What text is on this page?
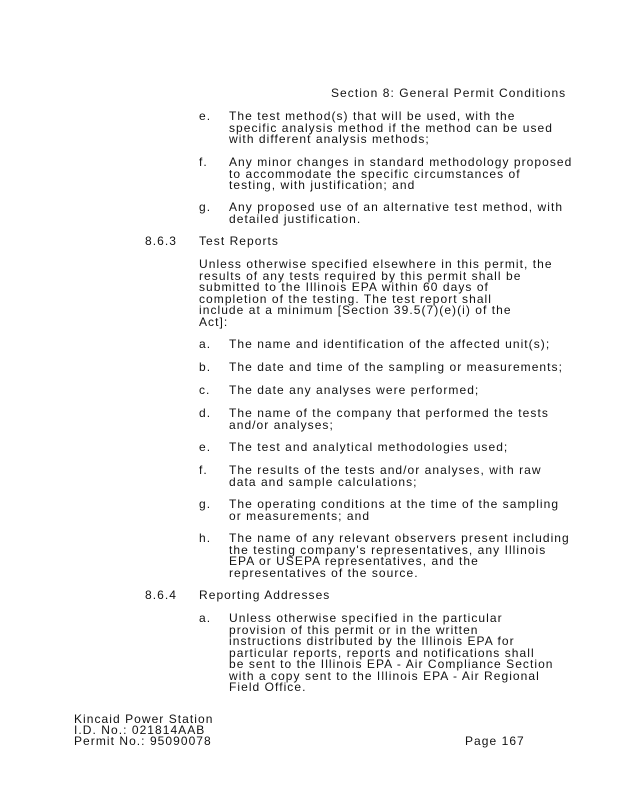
Section 8: General Permit Conditions
e. The test method(s) that will be used, with the
specific analysis method if the method can be used
with different analysis methods;
f. Any minor changes in standard methodology proposed
to accommodate the specific circumstances of
testing, with justification; and
g. Any proposed use of an alternative test method, with
detailed justification.
8.6.3 Test Reports
Unless otherwise specified elsewhere in this permit, the
results of any tests required by this permit shall be
submitted to the Illinois EPA within 60 days of
completion of the testing. The test report shall
include at a minimum [Section 39.5(7)(e)(i) of the
Act]:
a. The name and identification of the affected unit(s);
b. The date and time of the sampling or measurements;
c. The date any analyses were performed;
d. The name of the company that performed the tests
and/or analyses;
e. The test and analytical methodologies used;
f. The results of the tests and/or analyses, with raw
data and sample calculations;
g. The operating conditions at the time of the sampling
or measurements; and
h. The name of any relevant observers present including
the testing company's representatives, any Illinois
EPA or USEPA representatives, and the
representatives of the source.
8.6.4 Reporting Addresses
a. Unless otherwise specified in the particular
provision of this permit or in the written
instructions distributed by the Illinois EPA for
particular reports, reports and notifications shall
be sent to the Illinois EPA - Air Compliance Section
with a copy sent to the Illinois EPA - Air Regional
Field Office.
Kincaid Power Station
I.D. No.: 021814AAB
Permit No.: 95090078	Page 167
